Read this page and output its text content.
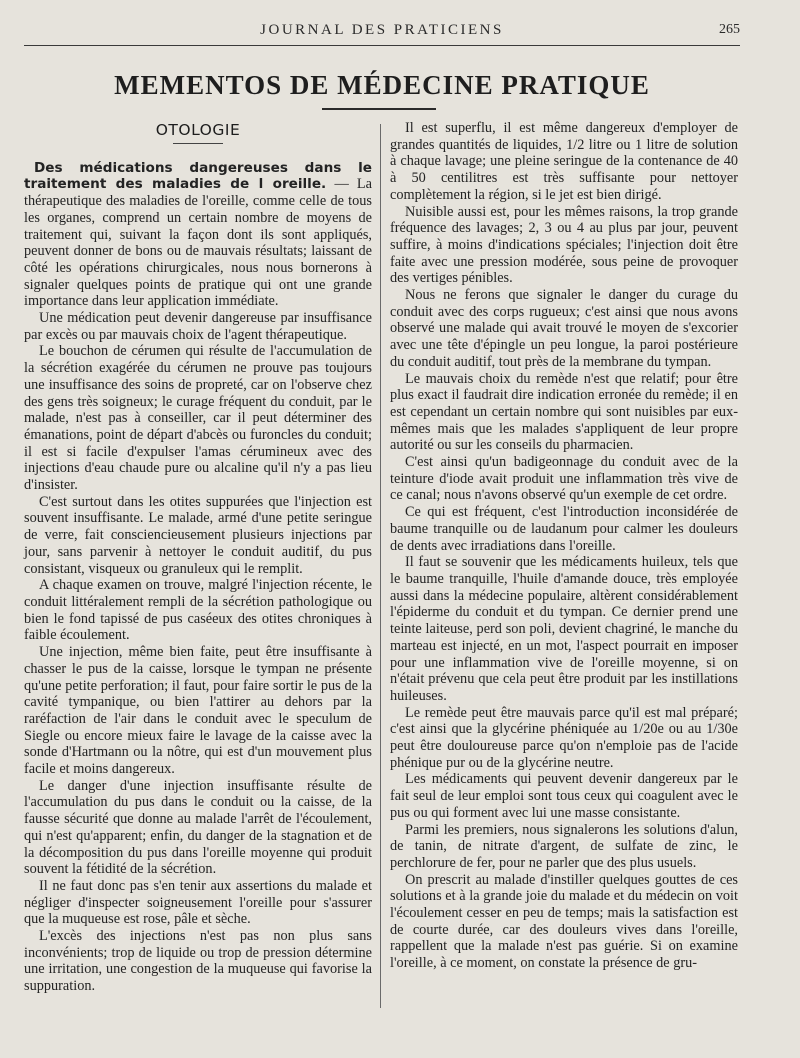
JOURNAL DES PRATICIENS	265
MEMENTOS DE MÉDECINE PRATIQUE
OTOLOGIE

Des médications dangereuses dans le traitement des maladies de l oreille. — La thérapeutique des maladies de l'oreille, comme celle de tous les organes, comprend un certain nombre de moyens de traitement qui, suivant la façon dont ils sont appliqués, peuvent donner de bons ou de mauvais résultats; laissant de côté les opérations chirurgicales, nous nous bornerons à signaler quelques points de pratique qui ont une grande importance dans leur application immédiate.

Une médication peut devenir dangereuse par insuffisance par excès ou par mauvais choix de l'agent thérapeutique.

Le bouchon de cérumen qui résulte de l'accumulation de la sécrétion exagérée du cérumen ne prouve pas toujours une insuffisance des soins de propreté, car on l'observe chez des gens très soigneux; le curage fréquent du conduit, par le malade, n'est pas à conseiller, car il peut déterminer des émanations, point de départ d'abcès ou furoncles du conduit; il est si facile d'expulser l'amas cérumineux avec des injections d'eau chaude pure ou alcaline qu'il n'y a pas lieu d'insister.

C'est surtout dans les otites suppurées que l'injection est souvent insuffisante. Le malade, armé d'une petite seringue de verre, fait consciencieusement plusieurs injections par jour, sans parvenir à nettoyer le conduit auditif, du pus consistant, visqueux ou granuleux qui le remplit.

A chaque examen on trouve, malgré l'injection récente, le conduit littéralement rempli de la sécrétion pathologique ou bien le fond tapissé de pus caséeux des otites chroniques à faible écoulement.

Une injection, même bien faite, peut être insuffisante à chasser le pus de la caisse, lorsque le tympan ne présente qu'une petite perforation; il faut, pour faire sortir le pus de la cavité tympanique, ou bien l'attirer au dehors par la raréfaction de l'air dans le conduit avec le speculum de Siegle ou encore mieux faire le lavage de la caisse avec la sonde d'Hartmann ou la nôtre, qui est d'un mouvement plus facile et moins dangereux.

Le danger d'une injection insuffisante résulte de l'accumulation du pus dans le conduit ou la caisse, de la fausse sécurité que donne au malade l'arrêt de l'écoulement, qui n'est qu'apparent; enfin, du danger de la stagnation et de la décomposition du pus dans l'oreille moyenne qui produit souvent la fétidité de la sécrétion.

Il ne faut donc pas s'en tenir aux assertions du malade et négliger d'inspecter soigneusement l'oreille pour s'assurer que la muqueuse est rose, pâle et sèche.

L'excès des injections n'est pas non plus sans inconvénients; trop de liquide ou trop de pression détermine une irritation, une congestion de la muqueuse qui favorise la suppuration.

Il est superflu, il est même dangereux d'employer de grandes quantités de liquides, 1/2 litre ou 1 litre de solution à chaque lavage; une pleine seringue de la contenance de 40 à 50 centilitres est très suffisante pour nettoyer complètement la région, si le jet est bien dirigé.

Nuisible aussi est, pour les mêmes raisons, la trop grande fréquence des lavages; 2, 3 ou 4 au plus par jour, peuvent suffire, à moins d'indications spéciales; l'injection doit être faite avec une pression modérée, sous peine de provoquer des vertiges pénibles.

Nous ne ferons que signaler le danger du curage du conduit avec des corps rugueux; c'est ainsi que nous avons observé une malade qui avait trouvé le moyen de s'excorier avec une tête d'épingle un peu longue, la paroi postérieure du conduit auditif, tout près de la membrane du tympan.

Le mauvais choix du remède n'est que relatif; pour être plus exact il faudrait dire indication erronée du remède; il en est cependant un certain nombre qui sont nuisibles par eux-mêmes mais que les malades s'appliquent de leur propre autorité ou sur les conseils du pharmacien.

C'est ainsi qu'un badigeonnage du conduit avec de la teinture d'iode avait produit une inflammation très vive de ce canal; nous n'avons observé qu'un exemple de cet ordre.

Ce qui est fréquent, c'est l'introduction inconsidérée de baume tranquille ou de laudanum pour calmer les douleurs de dents avec irradiations dans l'oreille.

Il faut se souvenir que les médicaments huileux, tels que le baume tranquille, l'huile d'amande douce, très employée aussi dans la médecine populaire, altèrent considérablement l'épiderme du conduit et du tympan. Ce dernier prend une teinte laiteuse, perd son poli, devient chagriné, le manche du marteau est injecté, en un mot, l'aspect pourrait en imposer pour une inflammation vive de l'oreille moyenne, si on n'était prévenu que cela peut être produit par les instillations huileuses.

Le remède peut être mauvais parce qu'il est mal préparé; c'est ainsi que la glycérine phéniquée au 1/20e ou au 1/30e peut être douloureuse parce qu'on n'emploie pas de l'acide phénique pur ou de la glycérine neutre.

Les médicaments qui peuvent devenir dangereux par le fait seul de leur emploi sont tous ceux qui coagulent avec le pus ou qui forment avec lui une masse consistante.

Parmi les premiers, nous signalerons les solutions d'alun, de tanin, de nitrate d'argent, de sulfate de zinc, le perchlorure de fer, pour ne parler que des plus usuels.

On prescrit au malade d'instiller quelques gouttes de ces solutions et à la grande joie du malade et du médecin on voit l'écoulement cesser en peu de temps; mais la satisfaction est de courte durée, car des douleurs vives dans l'oreille, rappellent que la malade n'est pas guérie. Si on examine l'oreille, à ce moment, on constate la présence de gru-
